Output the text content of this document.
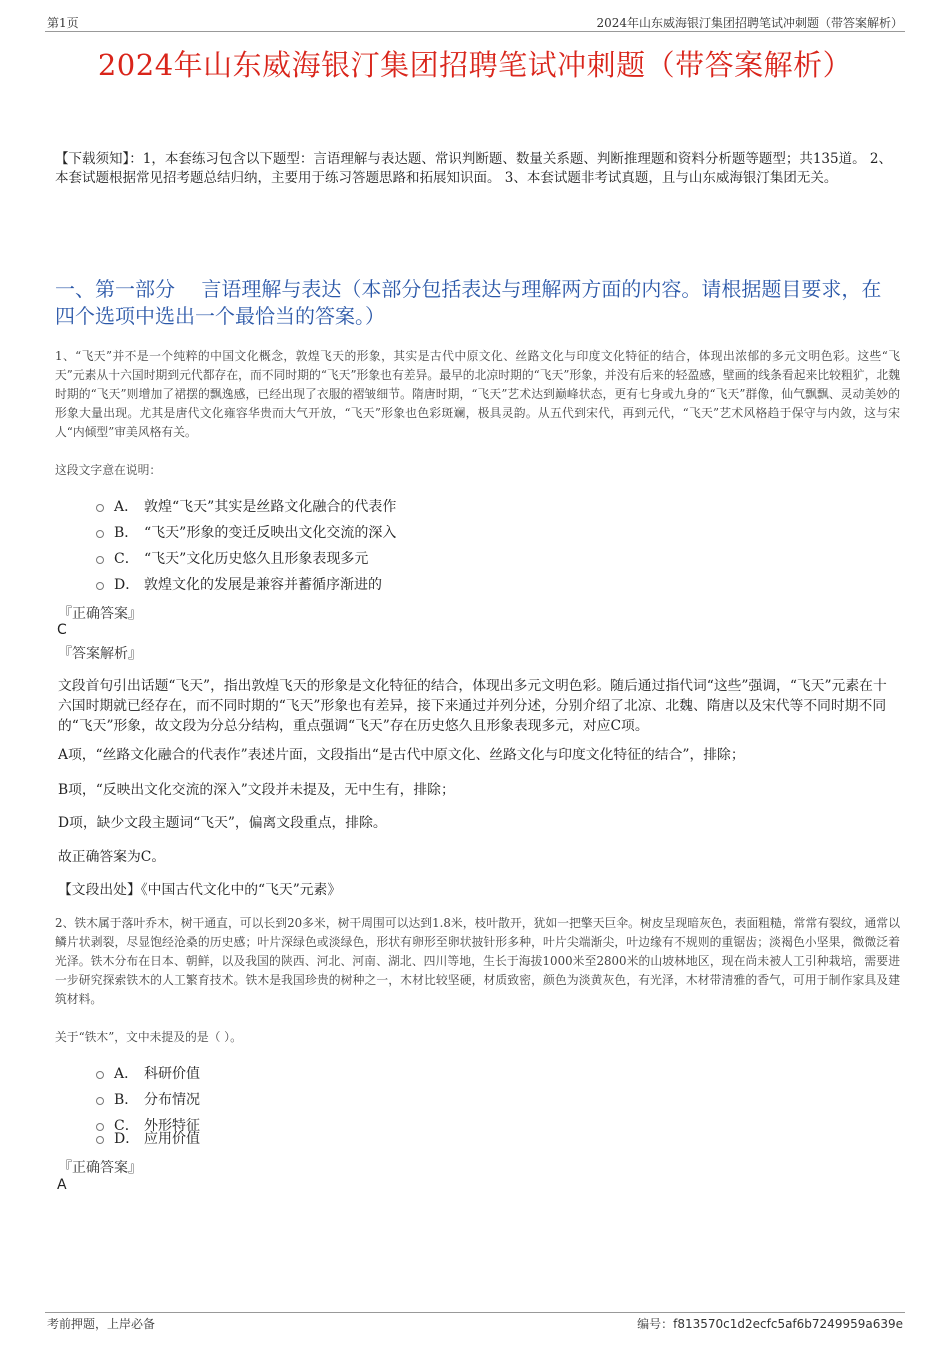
第1页	2024年山东威海银汀集团招聘笔试冲刺题（带答案解析）
2024年山东威海银汀集团招聘笔试冲刺题（带答案解析）
【下载须知】：1，本套练习包含以下题型：言语理解与表达题、常识判断题、数量关系题、判断推理题和资料分析题等题型；共135道。 2、本套试题根据常见招考题总结归纳，主要用于练习答题思路和拓展知识面。 3、本套试题非考试真题，且与山东威海银汀集团无关。
一、第一部分　 言语理解与表达（本部分包括表达与理解两方面的内容。请根据题目要求，在四个选项中选出一个最恰当的答案。）
1、“飞天”并不是一个纯粹的中国文化概念，敦煌飞天的形象，其实是古代中原文化、丝路文化与印度文化特征的结合，体现出浓郁的多元文明色彩。这些“飞天”元素从十六国时期到元代都存在，而不同时期的“飞天”形象也有差异。最早的北凉时期的“飞天”形象，并没有后来的轻盈感，壁画的线条看起来比较粗犷，北魏时期的“飞天”则增加了裙摆的飘逸感，已经出现了衣服的褶皱细节。隋唐时期，“飞天”艺术达到巅峰状态，更有七身或九身的“飞天”群像，仙气飘飘、灵动美妙的形象大量出现。尤其是唐代文化雍容华贵而大气开放，“飞天”形象也色彩斑斓，极具灵韵。从五代到宋代，再到元代，“飞天”艺术风格趋于保守与内敛，这与宋人“内倾型”审美风格有关。
这段文字意在说明：
A． 敦煌“飞天”其实是丝路文化融合的代表作
B． “飞天”形象的变迁反映出文化交流的深入
C． “飞天”文化历史悠久且形象表现多元
D． 敦煌文化的发展是兼容并蓄循序渐进的
『正确答案』
C
『答案解析』
文段首句引出话题“飞天”，指出敦煌飞天的形象是文化特征的结合，体现出多元文明色彩。随后通过指代词“这些”强调，“飞天”元素在十六国时期就已经存在，而不同时期的“飞天”形象也有差异，接下来通过并列分述，分别介绍了北凉、北魏、隋唐以及宋代等不同时期不同的“飞天”形象，故文段为分总分结构，重点强调“飞天”存在历史悠久且形象表现多元，对应C项。
A项，“丝路文化融合的代表作”表述片面，文段指出“是古代中原文化、丝路文化与印度文化特征的结合”，排除；
B项，“反映出文化交流的深入”文段并未提及，无中生有，排除；
D项，缺少文段主题词“飞天”，偏离文段重点，排除。
故正确答案为C。
【文段出处】《中国古代文化中的“飞天”元素》
2、铁木属于落叶乔木，树干通直，可以长到20多米，树干周围可以达到1.8米，枝叶散开，犹如一把擎天巨伞。树皮呈现暗灰色，表面粗糙，常常有裂纹，通常以鳞片状剥裂，尽显饱经沧桑的历史感；叶片深绿色或淡绿色，形状有卵形至卵状披针形多种，叶片尖端渐尖，叶边缘有不规则的重锯齿；淡褐色小坚果，微微泛着光泽。铁木分布在日本、朝鲜，以及我国的陕西、河北、河南、湖北、四川等地，生长于海拔1000米至2800米的山坡林地区，现在尚未被人工引种栽培，需要进一步研究探索铁木的人工繁育技术。铁木是我国珍贵的树种之一，木材比较坚硬，材质致密，颜色为淡黄灰色，有光泽，木材带清雅的香气，可用于制作家具及建筑材料。
关于“铁木”，文中未提及的是（ ）。
A． 科研价值
B． 分布情况
C． 外形特征
D． 应用价值
『正确答案』
A
考前押题，上岸必备	编号：f813570c1d2ecfc5af6b7249959a639e
